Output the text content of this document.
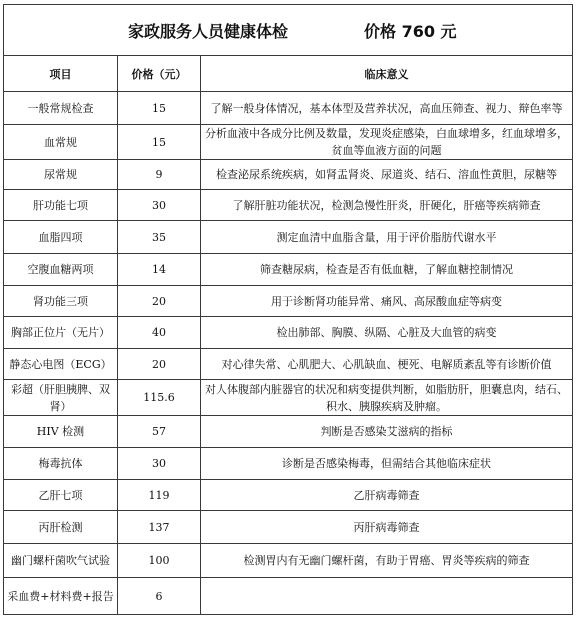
家政服务人员健康体检 价格 760 元		

项目	价格（元）	临床意义
一般常规检查	15	了解一般身体情况，基本体型及营养状况，高血压筛查、视力、辩色率等
血常规	15	分析血液中各成分比例及数量，发现炎症感染，白血球增多，红血球增多，贫血等血液方面的问题
尿常规	9	检查泌尿系统疾病，如肾盂肾炎、尿道炎、结石、溶血性黄胆，尿糖等
肝功能七项	30	了解肝脏功能状况，检测急慢性肝炎，肝硬化，肝癌等疾病筛查
血脂四项	35	测定血清中血脂含量，用于评价脂肪代谢水平
空腹血糖两项	14	筛查糖尿病，检查是否有低血糖，了解血糖控制情况
肾功能三项	20	用于诊断肾功能异常、痛风、高尿酸血症等病变
胸部正位片（无片）	40	检出肺部、胸膜、纵隔、心脏及大血管的病变
静态心电图（ECG）	20	对心律失常、心肌肥大、心肌缺血、梗死、电解质紊乱等有诊断价值
彩超（肝胆胰脾、双肾）	115.6	对人体腹部内脏器官的状况和病变提供判断，如脂肪肝，胆囊息肉，结石、积水、胰腺疾病及肿瘤。
HIV 检测	57	判断是否感染艾滋病的指标
梅毒抗体	30	诊断是否感染梅毒，但需结合其他临床症状
乙肝七项	119	乙肝病毒筛查
丙肝检测	137	丙肝病毒筛查
幽门螺杆菌吹气试验	100	检测胃内有无幽门螺杆菌，有助于胃癌、胃炎等疾病的筛查
采血费+材料费+报告	6	
